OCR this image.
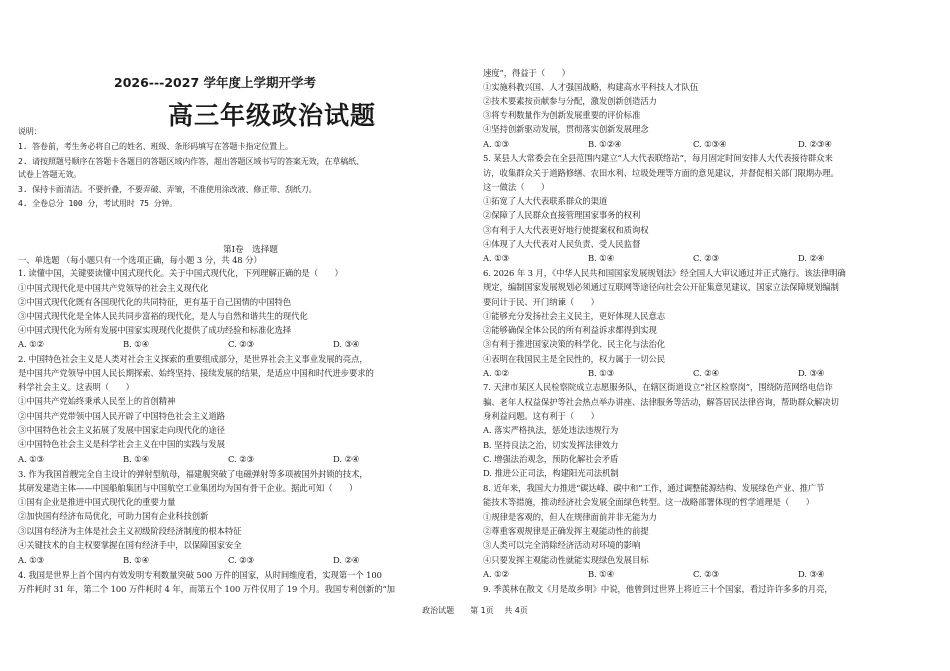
2026---2027 学年度上学期开学考
高三年级政治试题
说明：
1. 答卷前，考生务必将自己的姓名、班级、条形码填写在答题卡指定位置上。
2. 请按照题号顺序在答题卡各题目的答题区域内作答，超出答题区域书写的答案无效，在草稿纸、
试卷上答题无效。
3. 保持卡面清洁。不要折叠，不要弄破、弄皱，不准使用涂改液、修正带、刮纸刀。
4. 全卷总分 100 分，考试用时 75 分钟。
第Ⅰ卷　选择题
一、单选题 （每小题只有一个选项正确，每小题 3 分，共 48 分）
1. 读懂中国，关键要读懂中国式现代化。关于中国式现代化，下列理解正确的是（　　）
①中国式现代化是中国共产党领导的社会主义现代化
②中国式现代化既有各国现代化的共同特征，更有基于自己国情的中国特色
③中国式现代化是全体人民共同步富裕的现代化，是人与自然和谐共生的现代化
④中国式现代化为所有发展中国家实现现代化提供了成功经验和标准化选择
A. ①②	B. ①④	C. ②③	D. ③④
2. 中国特色社会主义是人类对社会主义探索的重要组成部分，是世界社会主义事业发展的亮点，
是中国共产党领导中国人民长期探索、始终坚持、接续发展的结果，是适应中国和时代进步要求的
科学社会主义。这表明（　　）
①中国共产党始终秉承人民至上的首创精神
②中国共产党带领中国人民开辟了中国特色社会主义道路
③中国特色社会主义拓展了发展中国家走向现代化的途径
④中国特色社会主义是科学社会主义在中国的实践与发展
A. ①③	B. ①④	C. ②③	D. ②④
3. 作为我国首艘完全自主设计的弹射型航母，福建舰突破了电磁弹射等多项被国外封锁的技术，
其研发建造主体——中国船舶集团与中国航空工业集团均为国有骨干企业。据此可知（　　）
①国有企业是推进中国式现代化的重要力量
②加快国有经济布局优化，可助力国有企业科技创新
③以国有经济为主体是社会主义初级阶段经济制度的根本特征
④关键技术的自主权要掌握在国有经济手中，以保障国家安全
A. ①③	B. ①④	C. ②③	D. ②④
4. 我国是世界上首个国内有效发明专利数量突破 500 万件的国家，从时间维度看，实现第一个 100
万件耗时 31 年，第二个 100 万件耗时 4 年，而第五个 100 万件仅用了 19 个月。我国专利创新的“加
速度”，得益于（　　）
①实施科教兴国、人才强国战略，构建高水平科技人才队伍
②技术要素按贡献参与分配，激发创新创造活力
③将专利数量作为创新发展重要的评价标准
④坚持创新驱动发展，贯彻落实创新发展理念
A. ①③	B. ①②④	C. ①③④	D. ②③④
5. 某县人大常委会在全县范围内建立“人大代表联络站”，每月固定时间安排人大代表接待群众来
访，收集群众关于道路修缮、农田水利、垃圾处理等方面的意见建议，并督促相关部门限期办理。
这一做法（　　）
①拓宽了人大代表联系群众的渠道
②保障了人民群众直接管理国家事务的权利
③有利于人大代表更好地行使提案权和质询权
④体现了人大代表对人民负责、受人民监督
A. ①③	B. ①④	C. ②③	D. ②④
6. 2026 年 3 月，《中华人民共和国国家发展规划法》经全国人大审议通过并正式施行。该法律明确
规定，编制国家发展规划必须通过互联网等途径向社会公开征集意见建议，国家立法保障规划编制
要问计于民、开门纳谏（　　）
①能够充分发扬社会主义民主，更好体现人民意志
②能够确保全体公民的所有利益诉求都得到实现
③有利于推进国家决策的科学化、民主化与法治化
④表明在我国民主是全民性的，权力属于一切公民
A. ①②	B. ①③	C. ②④	D. ③④
7. 天津市某区人民检察院成立志愿服务队，在辖区街道设立“社区检察岗”，围绕防范网络电信诈
骗、老年人权益保护等社会热点举办讲座、法律服务等活动，解答居民法律咨询，帮助群众解决切
身利益问题。这有利于（　　）
A. 落实严格执法，惩处违法违规行为
B. 坚持良法之治，切实发挥法律效力
C. 增强法治观念，预防化解社会矛盾
D. 推进公正司法，构建阳光司法机制
8. 近年来，我国大力推进“碳达峰、碳中和”工作，通过调整能源结构、发展绿色产业、推广节
能技术等措施，推动经济社会发展全面绿色转型。这一战略部署体现的哲学道理是（　　）
①规律是客观的，但人在规律面前并非无能为力
②尊重客观规律是正确发挥主观能动性的前提
③人类可以完全消除经济活动对环境的影响
④只要发挥主观能动性就能实现绿色发展目标
A. ①②	B. ①④	C. ②③	D. ③④
9. 季羡林在散文《月是故乡明》中说，他曾到过世界上将近三十个国家，看过许许多多的月亮，
政治试题　　第 1页　 共 4页
